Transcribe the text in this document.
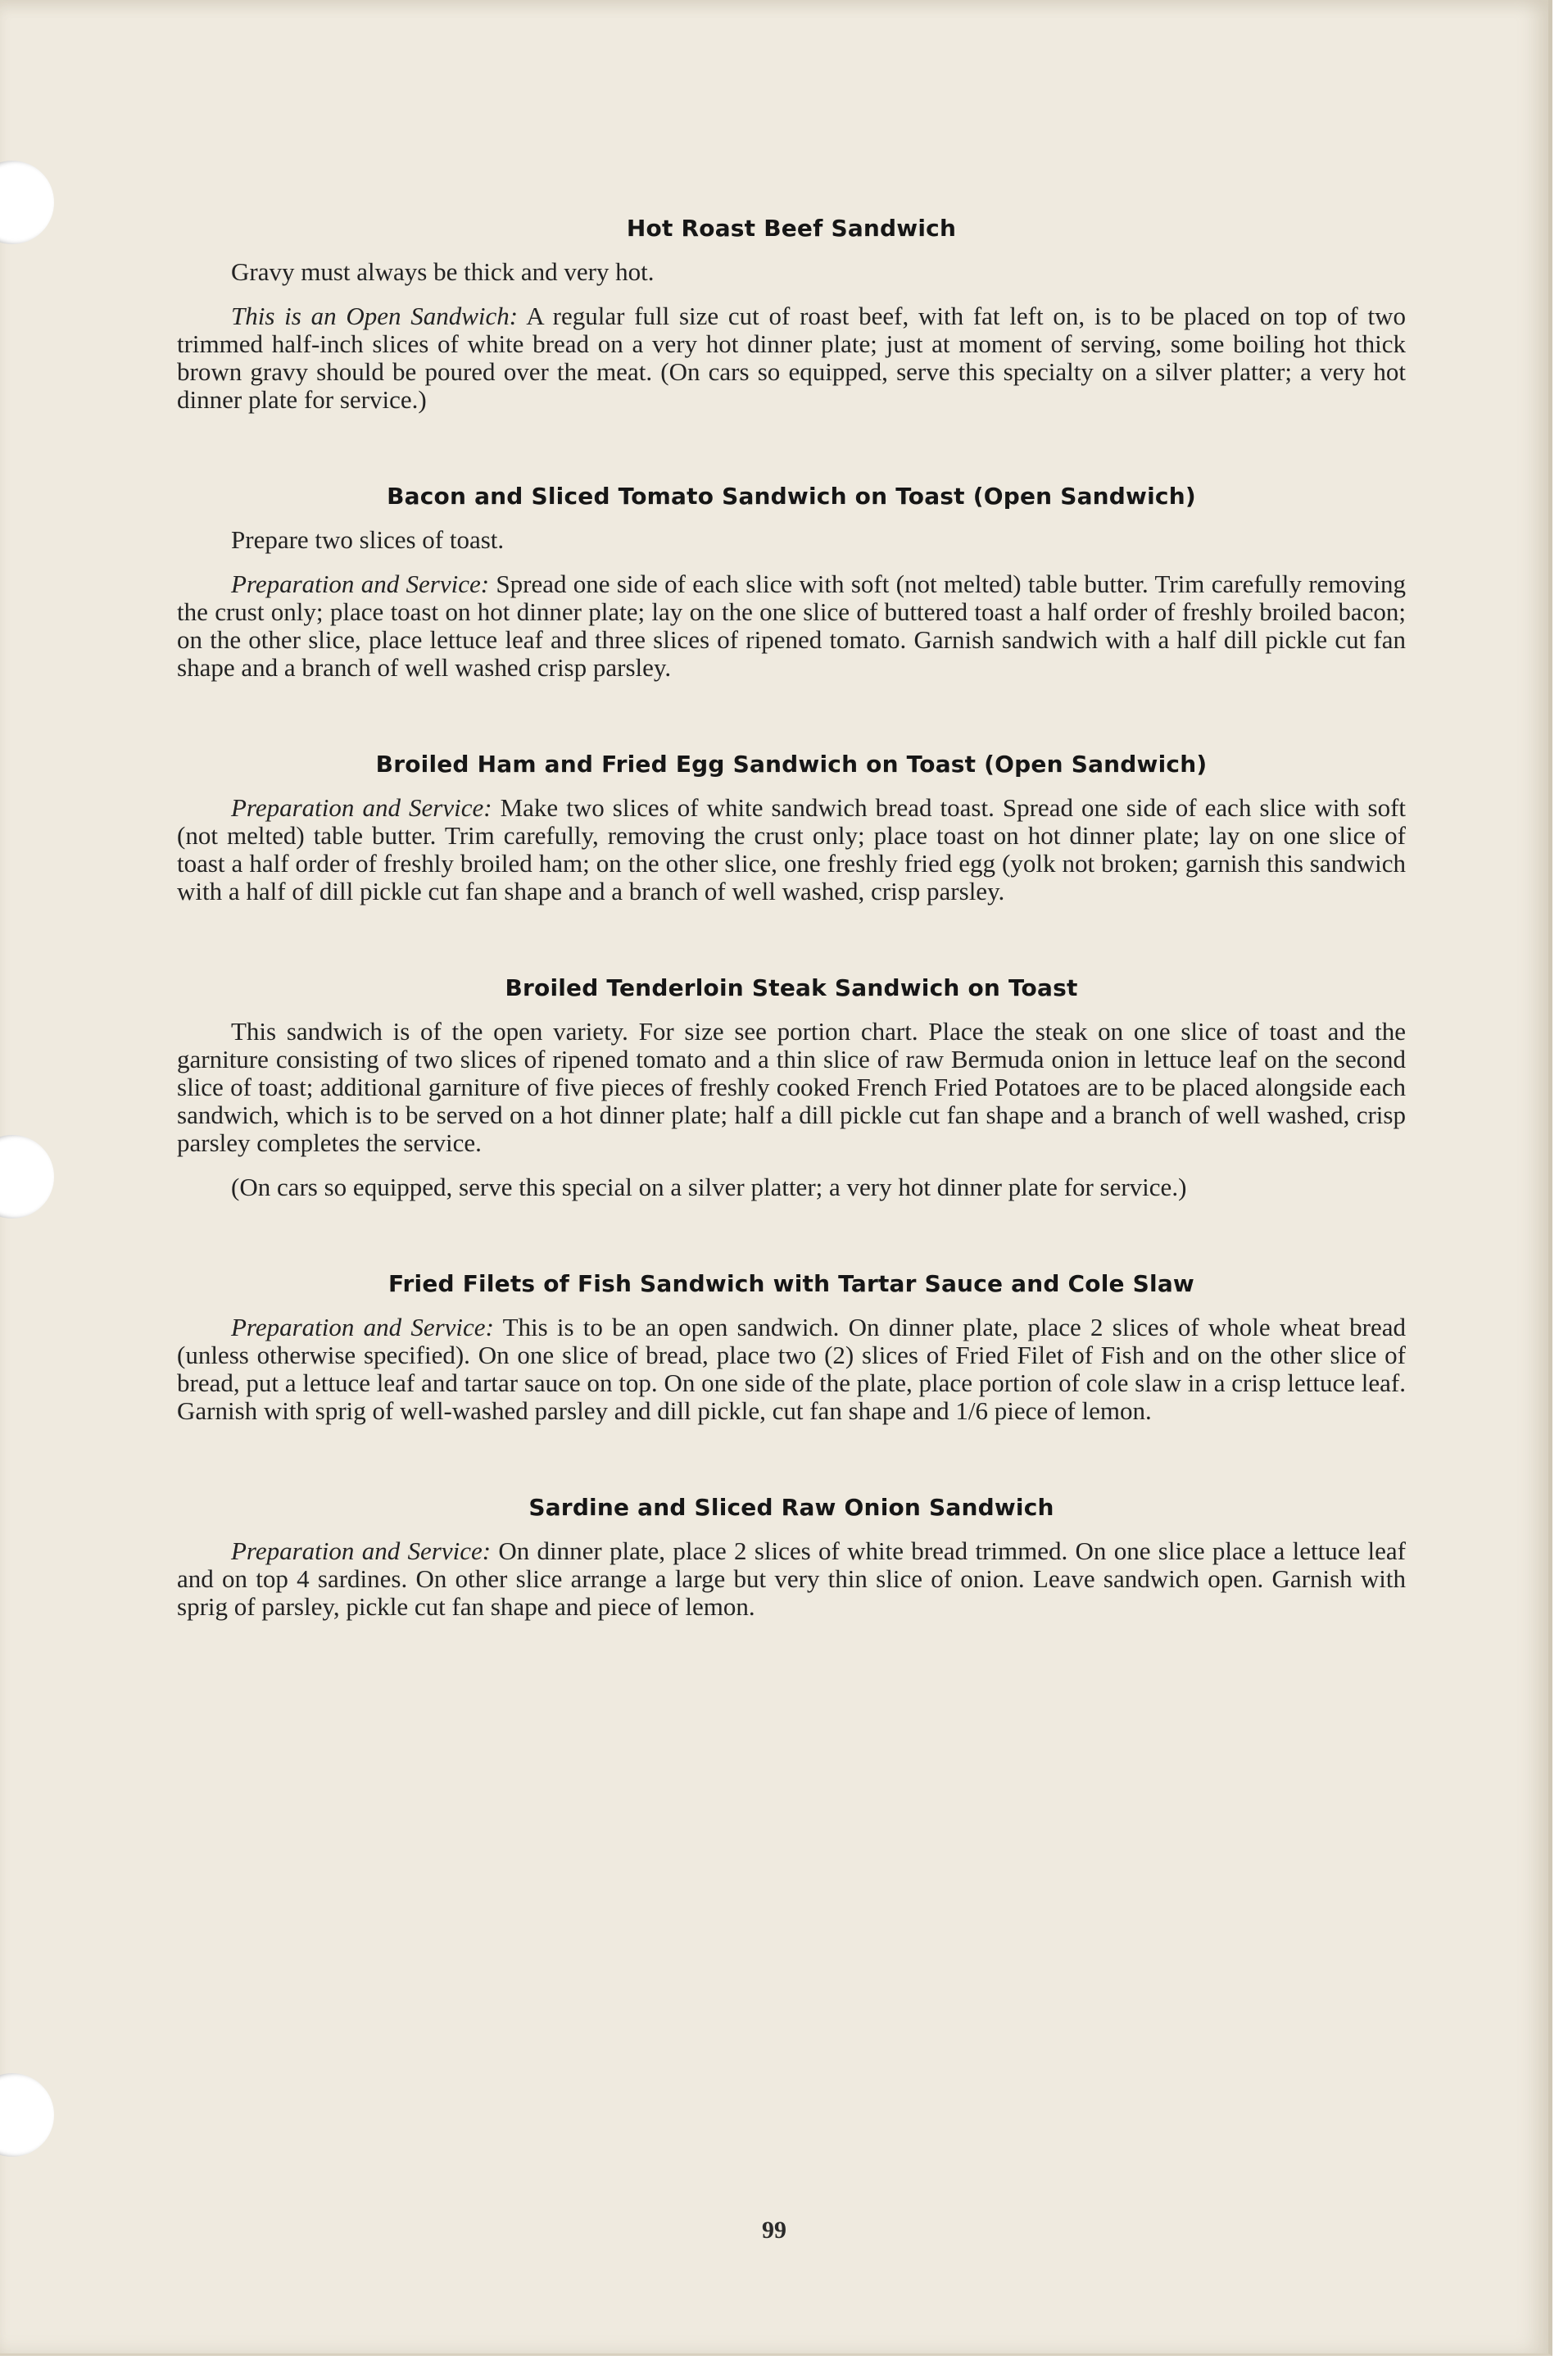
Hot Roast Beef Sandwich

Gravy must always be thick and very hot.

This is an Open Sandwich: A regular full size cut of roast beef, with fat left on, is to be placed on top of two trimmed half-inch slices of white bread on a very hot dinner plate; just at moment of serving, some boiling hot thick brown gravy should be poured over the meat. (On cars so equipped, serve this specialty on a silver platter; a very hot dinner plate for service.)

Bacon and Sliced Tomato Sandwich on Toast (Open Sandwich)

Prepare two slices of toast.

Preparation and Service: Spread one side of each slice with soft (not melted) table butter. Trim carefully removing the crust only; place toast on hot dinner plate; lay on the one slice of buttered toast a half order of freshly broiled bacon; on the other slice, place lettuce leaf and three slices of ripened tomato. Garnish sandwich with a half dill pickle cut fan shape and a branch of well washed crisp parsley.

Broiled Ham and Fried Egg Sandwich on Toast (Open Sandwich)

Preparation and Service: Make two slices of white sandwich bread toast. Spread one side of each slice with soft (not melted) table butter. Trim carefully, removing the crust only; place toast on hot dinner plate; lay on one slice of toast a half order of freshly broiled ham; on the other slice, one freshly fried egg (yolk not broken; garnish this sandwich with a half of dill pickle cut fan shape and a branch of well washed, crisp parsley.

Broiled Tenderloin Steak Sandwich on Toast

This sandwich is of the open variety. For size see portion chart. Place the steak on one slice of toast and the garniture consisting of two slices of ripened tomato and a thin slice of raw Bermuda onion in lettuce leaf on the second slice of toast; additional garniture of five pieces of freshly cooked French Fried Potatoes are to be placed alongside each sandwich, which is to be served on a hot dinner plate; half a dill pickle cut fan shape and a branch of well washed, crisp parsley completes the service.

(On cars so equipped, serve this special on a silver platter; a very hot dinner plate for service.)

Fried Filets of Fish Sandwich with Tartar Sauce and Cole Slaw

Preparation and Service: This is to be an open sandwich. On dinner plate, place 2 slices of whole wheat bread (unless otherwise specified). On one slice of bread, place two (2) slices of Fried Filet of Fish and on the other slice of bread, put a lettuce leaf and tartar sauce on top. On one side of the plate, place portion of cole slaw in a crisp lettuce leaf. Garnish with sprig of well-washed parsley and dill pickle, cut fan shape and 1/6 piece of lemon.

Sardine and Sliced Raw Onion Sandwich

Preparation and Service: On dinner plate, place 2 slices of white bread trimmed. On one slice place a lettuce leaf and on top 4 sardines. On other slice arrange a large but very thin slice of onion. Leave sandwich open. Garnish with sprig of parsley, pickle cut fan shape and piece of lemon.

99
